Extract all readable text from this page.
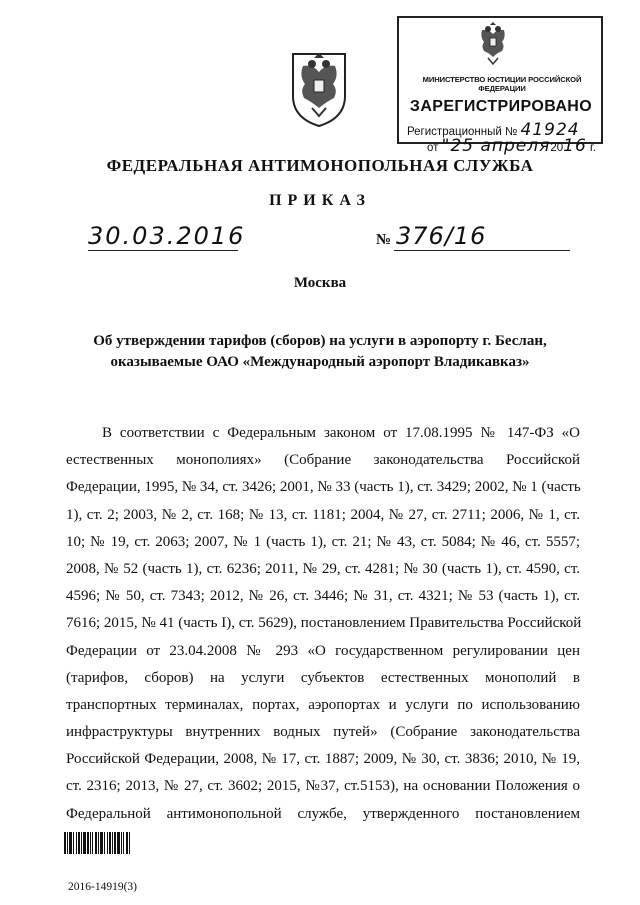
МИНИСТЕРСТВО ЮСТИЦИИ РОССИЙСКОЙ ФЕДЕРАЦИИ
ЗАРЕГИСТРИРОВАНО
Регистрационный № 41924
от "25 апреля2016 г.
ФЕДЕРАЛЬНАЯ АНТИМОНОПОЛЬНАЯ СЛУЖБА
ПРИКАЗ
30.03.2016	№ 376/16
Москва
Об утверждении тарифов (сборов) на услуги в аэропорту г. Беслан,
оказываемые ОАО «Международный аэропорт Владикавказ»
В соответствии с Федеральным законом от 17.08.1995 № 147-ФЗ «О
естественных монополиях» (Собрание законодательства Российской
Федерации, 1995, № 34, ст. 3426; 2001, № 33 (часть 1), ст. 3429; 2002, № 1 (часть
1), ст. 2; 2003, № 2, ст. 168; № 13, ст. 1181; 2004, № 27, ст. 2711; 2006, № 1, ст.
10; № 19, ст. 2063; 2007, № 1 (часть 1), ст. 21; № 43, ст. 5084; № 46, ст. 5557;
2008, № 52 (часть 1), ст. 6236; 2011, № 29, ст. 4281; № 30 (часть 1), ст. 4590, ст.
4596; № 50, ст. 7343; 2012, № 26, ст. 3446; № 31, ст. 4321; № 53 (часть 1), ст.
7616; 2015, № 41 (часть I), ст. 5629), постановлением Правительства Российской
Федерации от 23.04.2008 № 293 «О государственном регулировании цен
(тарифов, сборов) на услуги субъектов естественных монополий в
транспортных терминалах, портах, аэропортах и услуги по использованию
инфраструктуры внутренних водных путей» (Собрание законодательства
Российской Федерации, 2008, № 17, ст. 1887; 2009, № 30, ст. 3836; 2010, № 19,
ст. 2316; 2013, № 27, ст. 3602; 2015, №37, ст.5153), на основании Положения о
Федеральной антимонопольной службе, утвержденного постановлением
2016-14919(3)
